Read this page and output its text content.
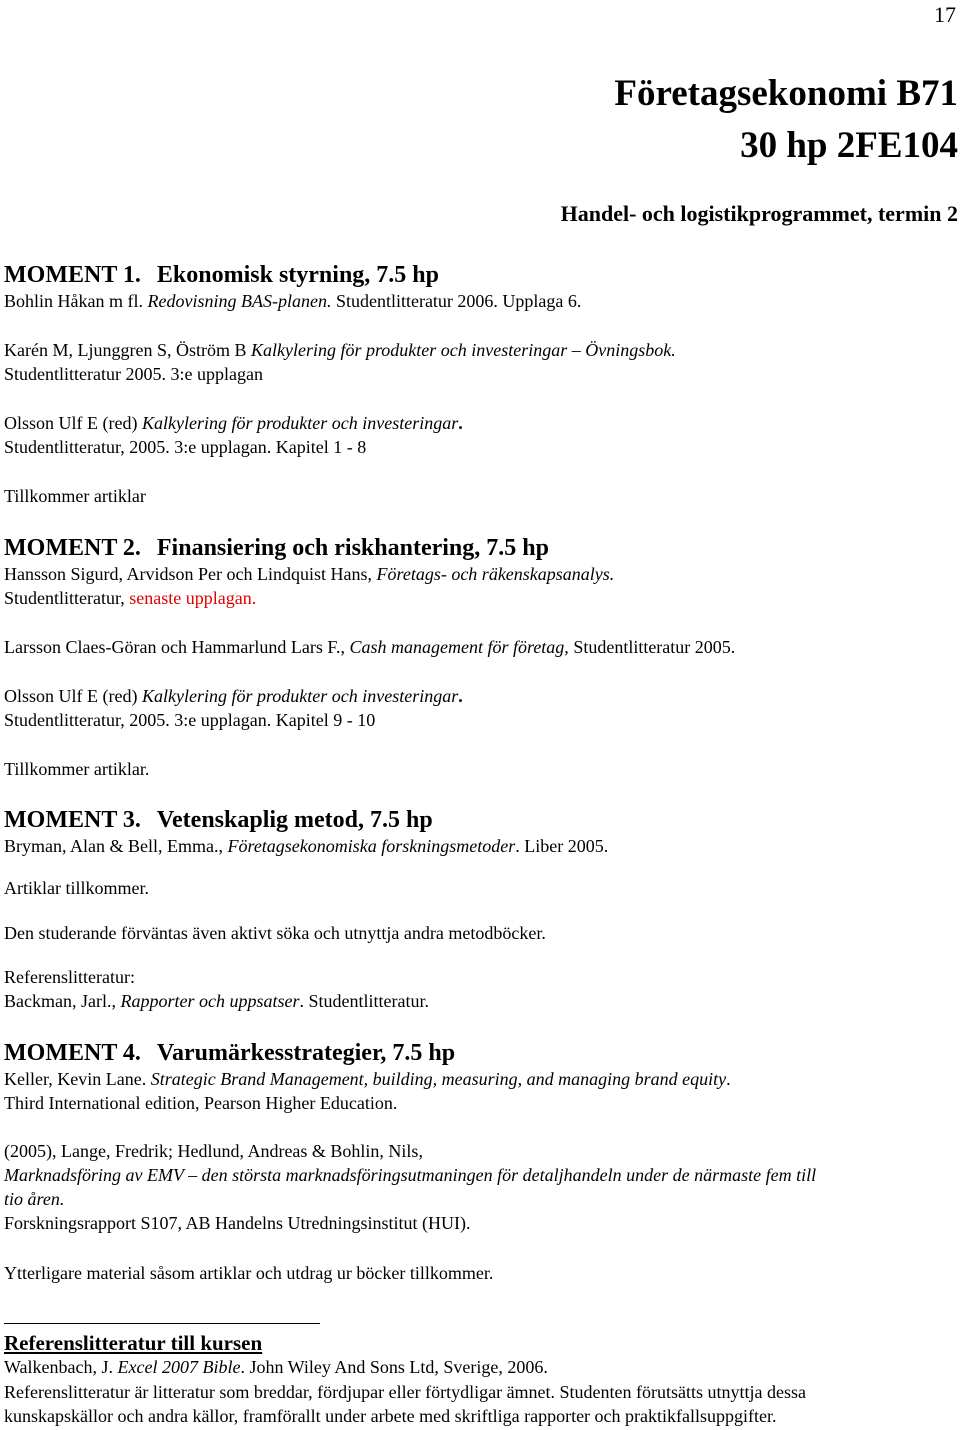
17
Företagsekonomi B71
30 hp 2FE104
Handel- och logistikprogrammet, termin 2
MOMENT 1. Ekonomisk styrning, 7.5 hp
Bohlin Håkan m fl. Redovisning BAS-planen. Studentlitteratur 2006. Upplaga 6.
Karén M, Ljunggren S, Öström B Kalkylering för produkter och investeringar – Övningsbok.
Studentlitteratur 2005. 3:e upplagan
Olsson Ulf E (red) Kalkylering för produkter och investeringar.
Studentlitteratur, 2005. 3:e upplagan. Kapitel 1 - 8
Tillkommer artiklar
MOMENT 2. Finansiering och riskhantering, 7.5 hp
Hansson Sigurd, Arvidson Per och Lindquist Hans, Företags- och räkenskapsanalys.
Studentlitteratur, senaste upplagan.
Larsson Claes-Göran och Hammarlund Lars F., Cash management för företag, Studentlitteratur 2005.
Olsson Ulf E (red) Kalkylering för produkter och investeringar.
Studentlitteratur, 2005. 3:e upplagan. Kapitel 9 - 10
Tillkommer artiklar.
MOMENT 3. Vetenskaplig metod, 7.5 hp
Bryman, Alan & Bell, Emma., Företagsekonomiska forskningsmetoder. Liber 2005.
Artiklar tillkommer.
Den studerande förväntas även aktivt söka och utnyttja andra metodböcker.
Referenslitteratur:
Backman, Jarl., Rapporter och uppsatser. Studentlitteratur.
MOMENT 4. Varumärkesstrategier, 7.5 hp
Keller, Kevin Lane. Strategic Brand Management, building, measuring, and managing brand equity.
Third International edition, Pearson Higher Education.
(2005), Lange, Fredrik; Hedlund, Andreas & Bohlin, Nils,
Marknadsföring av EMV – den största marknadsföringsutmaningen för detaljhandeln under de närmaste fem till
tio åren.
Forskningsrapport S107, AB Handelns Utredningsinstitut (HUI).
Ytterligare material såsom artiklar och utdrag ur böcker tillkommer.
Referenslitteratur till kursen
Walkenbach, J. Excel 2007 Bible. John Wiley And Sons Ltd, Sverige, 2006.
Referenslitteratur är litteratur som breddar, fördjupar eller förtydligar ämnet. Studenten förutsätts utnyttja dessa
kunskapskällor och andra källor, framförallt under arbete med skriftliga rapporter och praktikfallsuppgifter.
